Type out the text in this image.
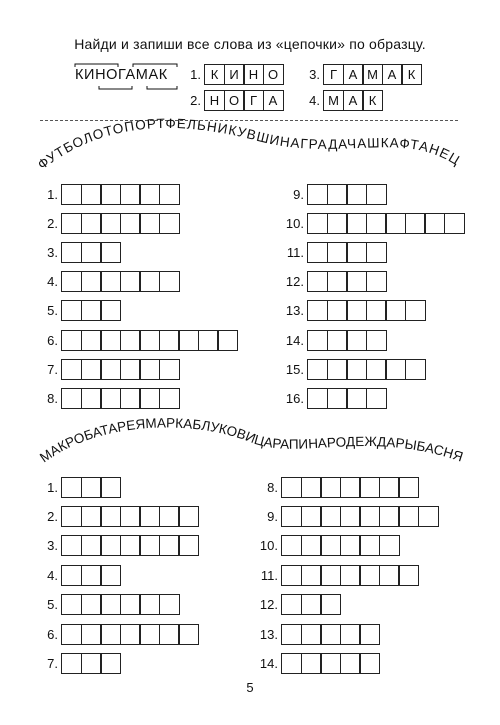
Найди и запиши все слова из «цепочки» по образцу.
КИНОГАМАК	1. К И Н О	3. Г А М А К
2. Н О Г А	4. М А К
ФУТБОЛОТОПОРТФЕЛЬНИКУВШИНАГРАДАЧАШКАФТАНЕЦ
МАКРОБАТАРЕЯМАРКАБЛУКОВИЦАРАПИНАРОДЕЖДАРЫБАСНЯ
1.
2.
3.
4.
5.
6.
7.
8.
9.
10.
11.
12.
13.
14.
15.
16.
1.
2.
3.
4.
5.
6.
7.
8.
9.
10.
11.
12.
13.
14.
5
